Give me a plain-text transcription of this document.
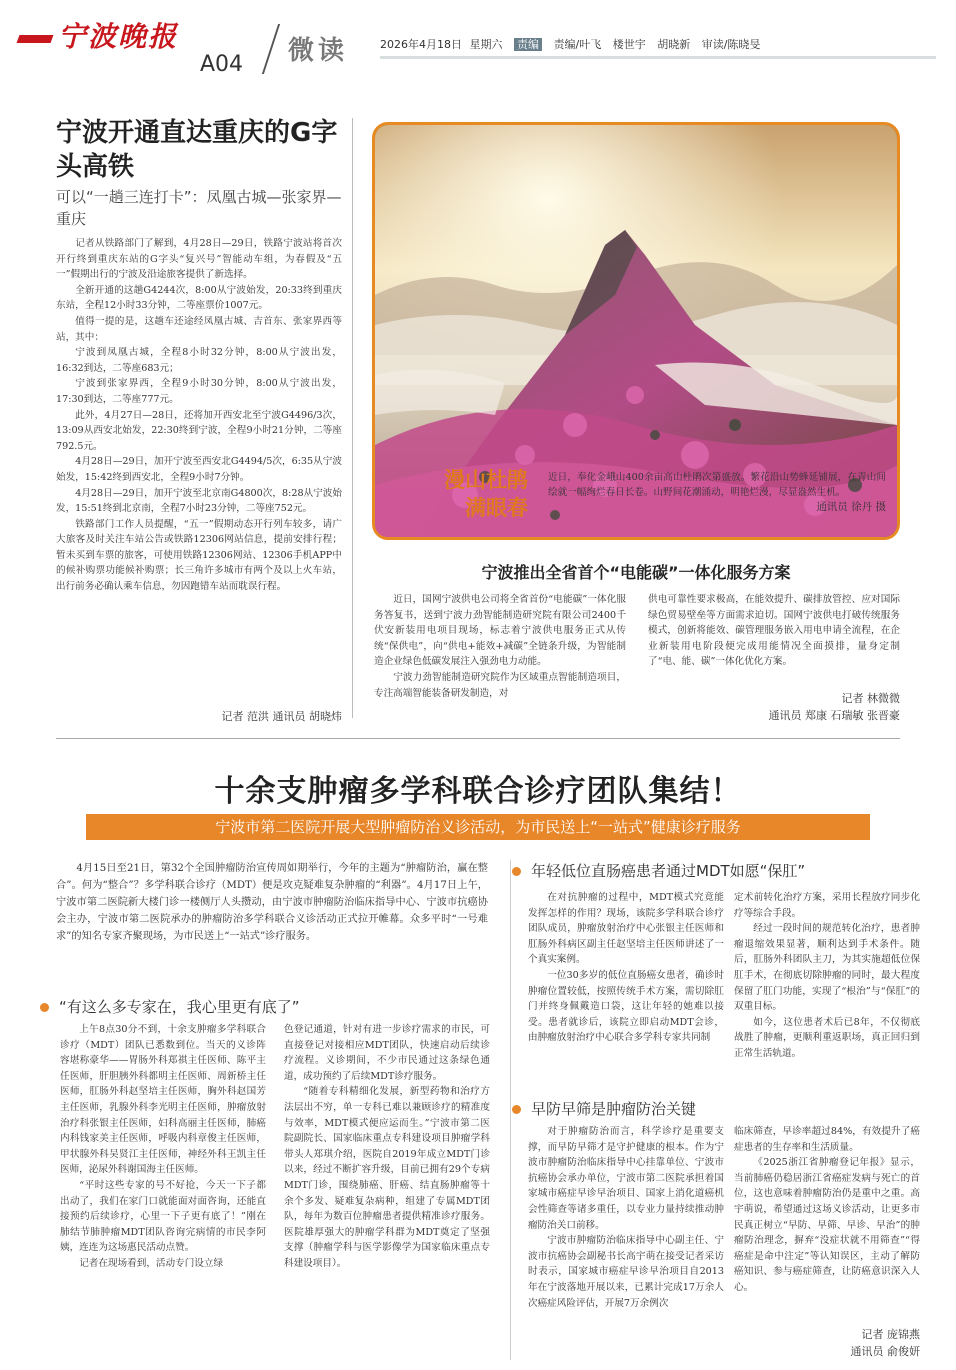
宁波晚报
A04 微读	2026年4月18日 星期六 责编 责编/叶飞 楼世宇 胡晓新 审读/陈晓旻
宁波开通直达重庆的G字头高铁
可以“一趟三连打卡”：凤凰古城—张家界—重庆

记者从铁路部门了解到，4月28日—29日，铁路宁波站将首次开行终到重庆东站的G字头“复兴号”智能动车组，为春假及“五一”假期出行的宁波及沿途旅客提供了新选择。

全新开通的这趟G4244次，8:00从宁波始发，20:33终到重庆东站，全程12小时33分钟，二等座票价1007元。

值得一提的是，这趟车还途经凤凰古城、吉首东、张家界西等站，其中：

宁波到凤凰古城，全程8小时32分钟，8:00从宁波出发，16:32到达，二等座683元；

宁波到张家界西，全程9小时30分钟，8:00从宁波出发，17:30到达，二等座777元。

此外，4月27日—28日，还将加开西安北至宁波G4496/3次，13:09从西安北始发，22:30终到宁波，全程9小时21分钟，二等座792.5元。

4月28日—29日，加开宁波至西安北G4494/5次，6:35从宁波始发，15:42终到西安北，全程9小时7分钟。

4月28日—29日，加开宁波至北京南G4800次，8:28从宁波始发，15:51终到北京南，全程7小时23分钟，二等座752元。

铁路部门工作人员提醒，“五一”假期动态开行列车较多，请广大旅客及时关注车站公告或铁路12306网站信息，提前安排行程；暂未买到车票的旅客，可使用铁路12306网站、12306手机APP中的候补购票功能候补购票；长三角许多城市有两个及以上火车站，出行前务必确认乘车信息，勿因跑错车站而耽误行程。

记者 范洪 通讯员 胡晓炜
漫山杜鹃
满眼春
近日，奉化金峨山400余亩高山杜鹃次第盛放。繁花沿山势蜂延铺展，在青山间绘就一幅绚烂春日长卷。山野间花潮涌动，明艳烂漫，尽显盎然生机。
通讯员 徐丹 摄
宁波推出全省首个“电能碳”一体化服务方案

近日，国网宁波供电公司将全省首份“电能碳”一体化服务答复书，送到宁波力劲智能制造研究院有限公司2400千伏安新装用电项目现场，标志着宁波供电服务正式从传统“保供电”，向“供电+能效+减碳”全链条升级，为智能制造企业绿色低碳发展注入强劲电力动能。

宁波力劲智能制造研究院作为区域重点智能制造项目，专注高端智能装备研发制造，对

供电可靠性要求极高，在能效提升、碳排放管控、应对国际绿色贸易壁垒等方面需求迫切。国网宁波供电打破传统服务模式，创新将能效、碳管理服务嵌入用电申请全流程，在企业新装用电阶段便完成用能情况全面摸排，量身定制了“电、能、碳”一体化优化方案。

记者 林微微
通讯员 郑康 石瑞敏 张晋豪
十余支肿瘤多学科联合诊疗团队集结！
宁波市第二医院开展大型肿瘤防治义诊活动，为市民送上“一站式”健康诊疗服务

4月15日至21日，第32个全国肿瘤防治宣传周如期举行，今年的主题为“肿瘤防治，赢在整合”。何为“整合”？多学科联合诊疗（MDT）便是攻克疑难复杂肿瘤的“利器”。4月17日上午，宁波市第二医院新大楼门诊一楼侧厅人头攒动，由宁波市肿瘤防治临床指导中心、宁波市抗癌协会主办，宁波市第二医院承办的肿瘤防治多学科联合义诊活动正式拉开帷幕。众多平时“一号难求”的知名专家齐聚现场，为市民送上“一站式”诊疗服务。

“有这么多专家在，我心里更有底了”

上午8点30分不到，十余支肿瘤多学科联合诊疗（MDT）团队已悉数到位。当天的义诊阵容堪称豪华——胃肠外科郑祺主任医师、陈平主任医师，肝胆胰外科都明主任医师、周新桥主任医师，肛肠外科赵坚培主任医师，胸外科赵国芳主任医师，乳腺外科李光明主任医师，肿瘤放射治疗科张银主任医师，妇科高丽主任医师，肺癌内科钱家美主任医师，呼吸内科章俊主任医师，甲状腺外科吴贤江主任医师，神经外科王凯主任医师，泌尿外科谢国海主任医师。

“平时这些专家的号不好抢，今天一下子都出动了，我们在家门口就能面对面咨询，还能直接预约后续诊疗，心里一下子更有底了！”刚在肺结节肺肿瘤MDT团队咨询完病情的市民李阿姨，连连为这场惠民活动点赞。

记者在现场看到，活动专门设立绿

色登记通道，针对有进一步诊疗需求的市民，可直接登记对接相应MDT团队，快速启动后续诊疗流程。义诊期间，不少市民通过这条绿色通道，成功预约了后续MDT诊疗服务。

“随着专科精细化发展，新型药物和治疗方法层出不穷，单一专科已难以兼顾诊疗的精准度与效率，MDT模式便应运而生。”宁波市第二医院副院长、国家临床重点专科建设项目肿瘤学科带头人郑琪介绍，医院自2019年成立MDT门诊以来，经过不断扩容升级，目前已拥有29个专病MDT门诊，围绕肺癌、肝癌、结直肠肿瘤等十余个多发、疑难复杂病种，组建了专属MDT团队，每年为数百位肿瘤患者提供精准诊疗服务。医院雄厚强大的肿瘤学科群为MDT奠定了坚强支撑（肿瘤学科与医学影像学为国家临床重点专科建设项目）。

年轻低位直肠癌患者通过MDT如愿“保肛”

在对抗肿瘤的过程中，MDT模式究竟能发挥怎样的作用？现场，该院多学科联合诊疗团队成员，肿瘤放射治疗中心张银主任医师和肛肠外科病区副主任赵坚培主任医师讲述了一个真实案例。

一位30多岁的低位直肠癌女患者，确诊时肿瘤位置较低，按照传统手术方案，需切除肛门并终身佩戴造口袋，这让年轻的她难以接受。患者就诊后，该院立即启动MDT会诊，由肿瘤放射治疗中心联合多学科专家共同制

定术前转化治疗方案，采用长程放疗同步化疗等综合手段。

经过一段时间的规范转化治疗，患者肿瘤退缩效果显著，顺利达到手术条件。随后，肛肠外科团队主刀，为其实施超低位保肛手术，在彻底切除肿瘤的同时，最大程度保留了肛门功能，实现了“根治”与“保肛”的双重目标。

如今，这位患者术后已8年，不仅彻底战胜了肿瘤，更顺利重返职场，真正回归到正常生活轨道。

早防早筛是肿瘤防治关键

对于肿瘤防治而言，科学诊疗是重要支撑，而早防早筛才是守护健康的根本。作为宁波市肿瘤防治临床指导中心挂靠单位、宁波市抗癌协会承办单位，宁波市第二医院承担着国家城市癌症早诊早治项目、国家上消化道癌机会性筛查等诸多重任，以专业力量持续推动肿瘤防治关口前移。

宁波市肿瘤防治临床指导中心副主任、宁波市抗癌协会副秘书长高宇萌在接受记者采访时表示，国家城市癌症早诊早治项目自2013年在宁波落地开展以来，已累计完成17万余人次癌症风险评估，开展7万余例次

临床筛查，早诊率超过84%，有效提升了癌症患者的生存率和生活质量。

《2025浙江省肿瘤登记年报》显示，当前肺癌仍稳居浙江省癌症发病与死亡的首位，这也意味着肿瘤防治仍是重中之重。高宇萌说，希望通过这场义诊活动，让更多市民真正树立“早防、早筛、早诊、早治”的肿瘤防治理念，摒弃“没症状就不用筛查”“得癌症是命中注定”等认知误区，主动了解防癌知识、参与癌症筛查，让防癌意识深入人心。

记者 庞锦燕
通讯员 俞俊妍
